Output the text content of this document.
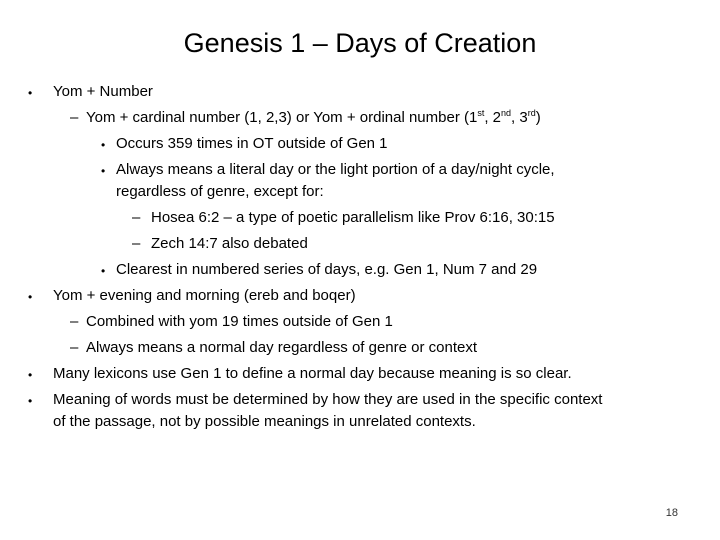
Genesis 1 – Days of Creation
• Yom + Number
– Yom + cardinal number (1, 2,3) or Yom + ordinal number (1st, 2nd, 3rd)
• Occurs 359 times in OT outside of Gen 1
• Always means a literal day or the light portion of a day/night cycle,
regardless of genre, except for:
– Hosea 6:2 – a type of poetic parallelism like Prov 6:16, 30:15
– Zech 14:7 also debated
• Clearest in numbered series of days, e.g. Gen 1, Num 7 and 29
• Yom + evening and morning (ereb and boqer)
– Combined with yom 19 times outside of Gen 1
– Always means a normal day regardless of genre or context
• Many lexicons use Gen 1 to define a normal day because meaning is so clear.
• Meaning of words must be determined by how they are used in the specific context
of the passage, not by possible meanings in unrelated contexts.
18
